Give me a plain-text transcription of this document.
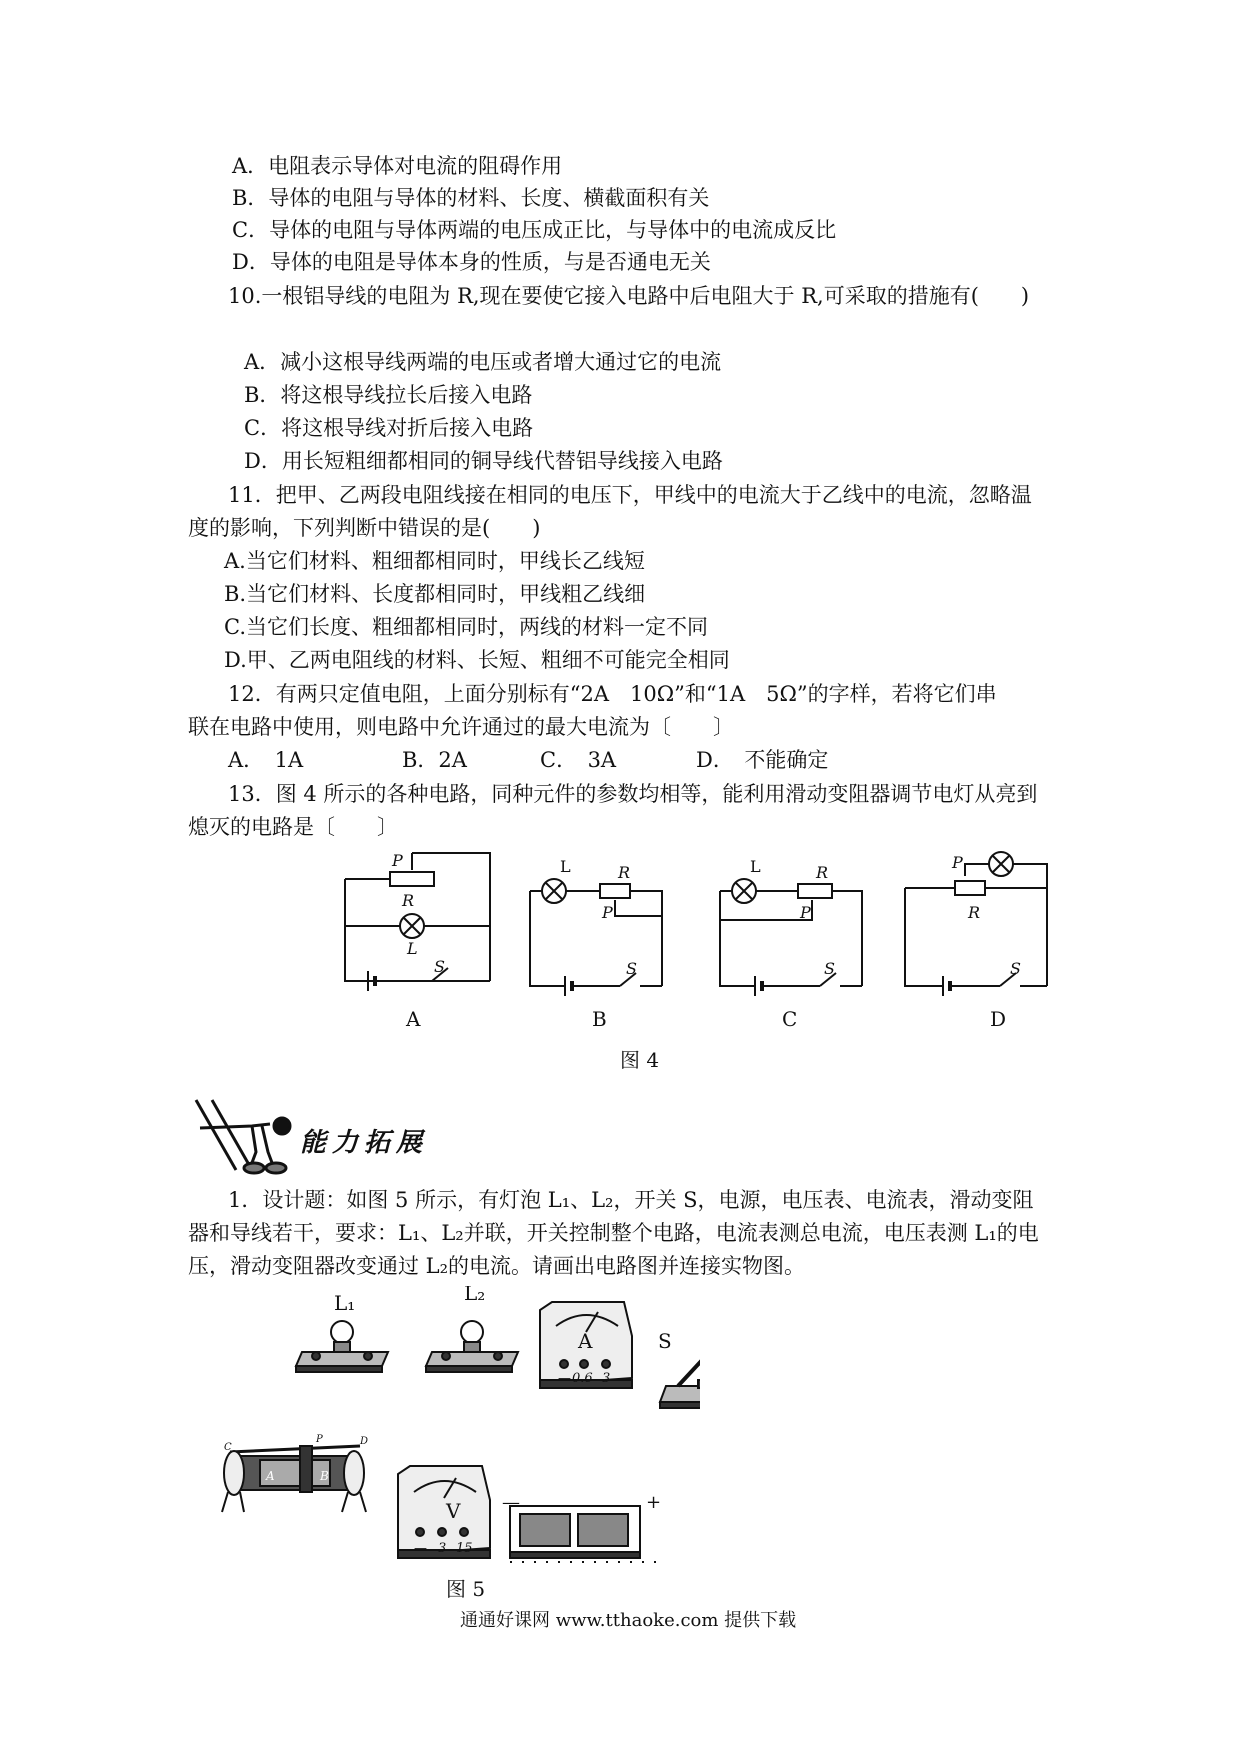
A．电阻表示导体对电流的阻碍作用
B．导体的电阻与导体的材料、长度、横截面积有关
C．导体的电阻与导体两端的电压成正比，与导体中的电流成反比
D．导体的电阻是导体本身的性质，与是否通电无关
10.一根铝导线的电阻为 R,现在要使它接入电路中后电阻大于 R,可采取的措施有(　　)
A．减小这根导线两端的电压或者增大通过它的电流
B．将这根导线拉长后接入电路
C．将这根导线对折后接入电路
D．用长短粗细都相同的铜导线代替铝导线接入电路
11．把甲、乙两段电阻线接在相同的电压下，甲线中的电流大于乙线中的电流，忽略温
度的影响，下列判断中错误的是(　　)
A.当它们材料、粗细都相同时，甲线长乙线短
B.当它们材料、长度都相同时，甲线粗乙线细
C.当它们长度、粗细都相同时，两线的材料一定不同
D.甲、乙两电阻线的材料、长短、粗细不可能完全相同
12．有两只定值电阻，上面分别标有“2A　10Ω”和“1A　5Ω”的字样，若将它们串
联在电路中使用，则电路中允许通过的最大电流为〔　　〕
A．　1A	B．2A	C．　3A	D．　不能确定
13．图 4 所示的各种电路，同种元件的参数均相等，能利用滑动变阻器调节电灯从亮到
熄灭的电路是〔　　〕
P
R
L
S
L	R
P
S
L	R
P
S
P
R
S
A	B	C	D
图 4
能力拓展
1．设计题：如图 5 所示，有灯泡 L₁、L₂，开关 S，电源，电压表、电流表，滑动变阻
器和导线若干，要求：L₁、L₂并联，开关控制整个电路，电流表测总电流，电压表测 L₁的电
压，滑动变阻器改变通过 L₂的电流。请画出电路图并连接实物图。
L₁	L₂
A	S
V
— 0.6 3
— 3 15
C
P	D
A	B
—	+
图 5
通通好课网 www.tthaoke.com 提供下载
